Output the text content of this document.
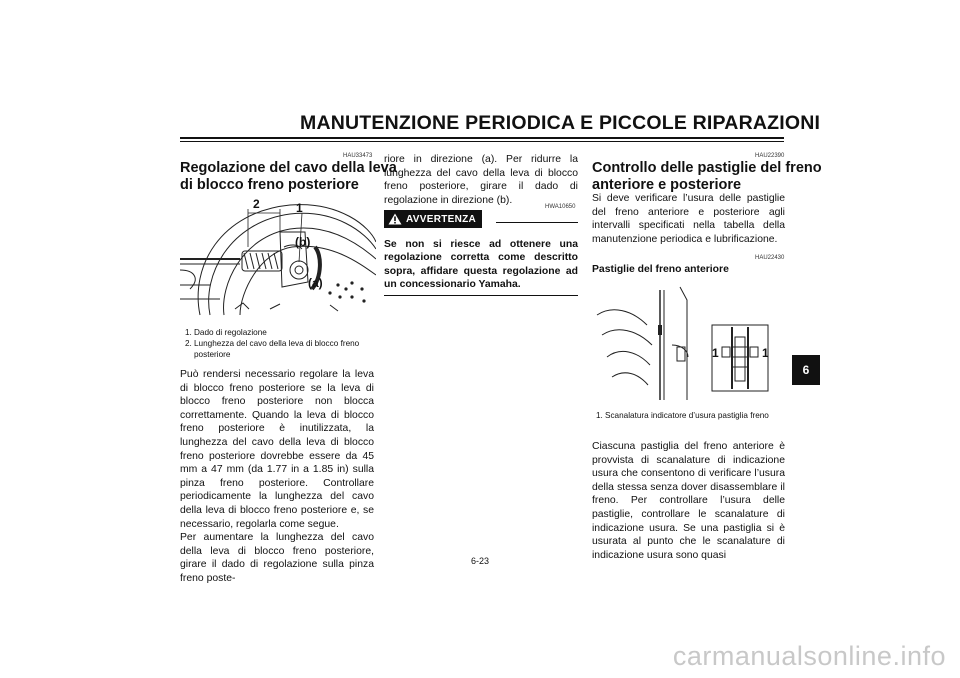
MANUTENZIONE PERIODICA E PICCOLE RIPARAZIONI
HAU33473
Regolazione del cavo della leva
di blocco freno posteriore
2	1
(b)
(a)
1. Dado di regolazione
2. Lunghezza del cavo della leva di blocco freno posteriore

Può rendersi necessario regolare la leva di blocco freno posteriore se la leva di blocco freno posteriore non blocca correttamente. Quando la leva di blocco freno posteriore è inutilizzata, la lunghezza del cavo della leva di blocco freno posteriore dovrebbe essere da 45 mm a 47 mm (da 1.77 in a 1.85 in) sulla pinza freno posteriore. Controllare periodicamente la lunghezza del cavo della leva di blocco freno posteriore e, se necessario, regolarla come segue.

Per aumentare la lunghezza del cavo della leva di blocco freno posteriore, girare il dado di regolazione sulla pinza freno poste-

riore in direzione (a). Per ridurre la lunghezza del cavo della leva di blocco freno posteriore, girare il dado di regolazione in direzione (b).

HWA10650
AVVERTENZA
Se non si riesce ad ottenere una regolazione corretta come descritto sopra, affidare questa regolazione ad un concessionario Yamaha.
HAU22390
Controllo delle pastiglie del freno
anteriore e posteriore

Si deve verificare l’usura delle pastiglie del freno anteriore e posteriore agli intervalli specificati nella tabella della manutenzione periodica e lubrificazione.

HAU22430
Pastiglie del freno anteriore
1	1
1. Scanalatura indicatore d’usura pastiglia freno

Ciascuna pastiglia del freno anteriore è provvista di scanalature di indicazione usura che consentono di verificare l’usura della stessa senza dover disassemblare il freno. Per controllare l’usura delle pastiglie, controllare le scanalature di indicazione usura. Se una pastiglia si è usurata al punto che le scanalature di indicazione usura sono quasi

6
6-23
carmanualsonline.info
